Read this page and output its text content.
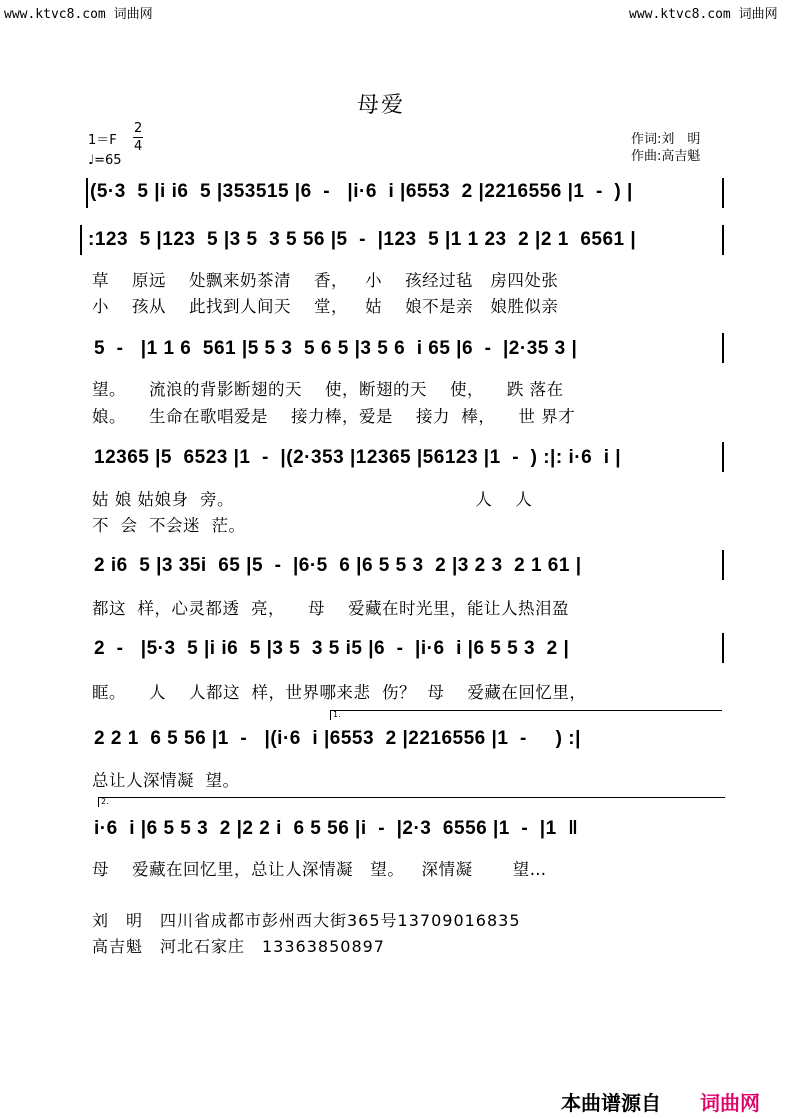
www.ktvc8.com 词曲网	www.ktvc8.com 词曲网
母爱
1＝F
2
4
♩=65
作词:刘　明
作曲:高吉魁
(5·3  5 |i i6  5 |353515 |6  -   |i·6  i |6553  2 |2216556 |1  -  ) |
:123  5 |123  5 |3 5  3 5 56 |5  -  |123  5 |1 1 23  2 |2 1  6561 |
草    原远    处飘来奶茶清    香，   小    孩经过毡   房四处张
小    孩从    此找到人间天    堂，   姑    娘不是亲   娘胜似亲
5  -   |1 1 6  561 |5 5 3  5 6 5 |3 5 6  i 65 |6  -  |2·35 3 |
望。    流浪的背影断翅的天    使，断翅的天    使，    跌 落在
娘。    生命在歌唱爱是    接力棒，爱是    接力  棒，    世 界才
12365 |5  6523 |1  -  |(2·353 |12365 |56123 |1  -  ) :|: i·6  i |
姑 娘 姑娘身  旁。                                          人    人
不  会  不会迷  茫。
2 i6  5 |3 35i  65 |5  -  |6·5  6 |6 5 5 3  2 |3 2 3  2 1 61 |
都这  样，心灵都透  亮，    母    爱藏在时光里，能让人热泪盈
2  -   |5·3  5 |i i6  5 |3 5  3 5 i5 |6  -  |i·6  i |6 5 5 3  2 |
眶。    人    人都这  样，世界哪来悲  伤？  母    爱藏在回忆里，
1.
2 2 1  6 5 56 |1  -   |(i·6  i |6553  2 |2216556 |1  -     ) :|
总让人深情凝  望。
2.
i·6  i |6 5 5 3  2 |2 2 i  6 5 56 |i  -  |2·3  6556 |1  -  |1  ‖
母    爱藏在回忆里，总让人深情凝   望。   深情凝       望…
刘　明　四川省成都市彭州西大街365号13709016835
高吉魁　河北石家庄　13363850897
本曲谱源自 词曲网
